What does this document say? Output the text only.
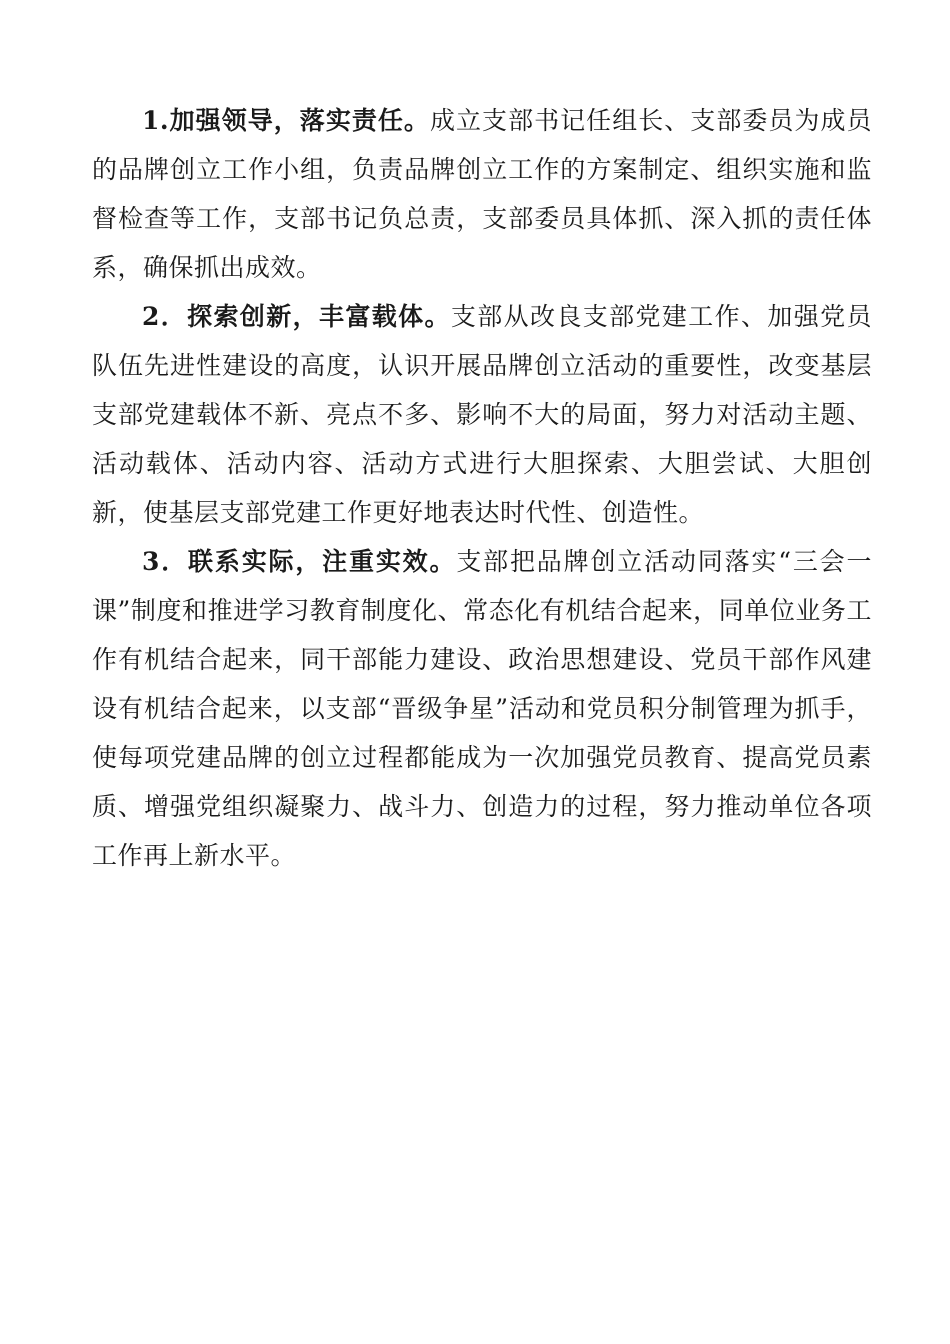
1.加强领导，落实责任。成立支部书记任组长、支部委员为成员的品牌创立工作小组，负责品牌创立工作的方案制定、组织实施和监督检查等工作，支部书记负总责，支部委员具体抓、深入抓的责任体系，确保抓出成效。

2．探索创新，丰富载体。支部从改良支部党建工作、加强党员队伍先进性建设的高度，认识开展品牌创立活动的重要性，改变基层支部党建载体不新、亮点不多、影响不大的局面，努力对活动主题、活动载体、活动内容、活动方式进行大胆探索、大胆尝试、大胆创新，使基层支部党建工作更好地表达时代性、创造性。

3．联系实际，注重实效。支部把品牌创立活动同落实“三会一课”制度和推进学习教育制度化、常态化有机结合起来，同单位业务工作有机结合起来，同干部能力建设、政治思想建设、党员干部作风建设有机结合起来，以支部“晋级争星”活动和党员积分制管理为抓手，使每项党建品牌的创立过程都能成为一次加强党员教育、提高党员素质、增强党组织凝聚力、战斗力、创造力的过程，努力推动单位各项工作再上新水平。
